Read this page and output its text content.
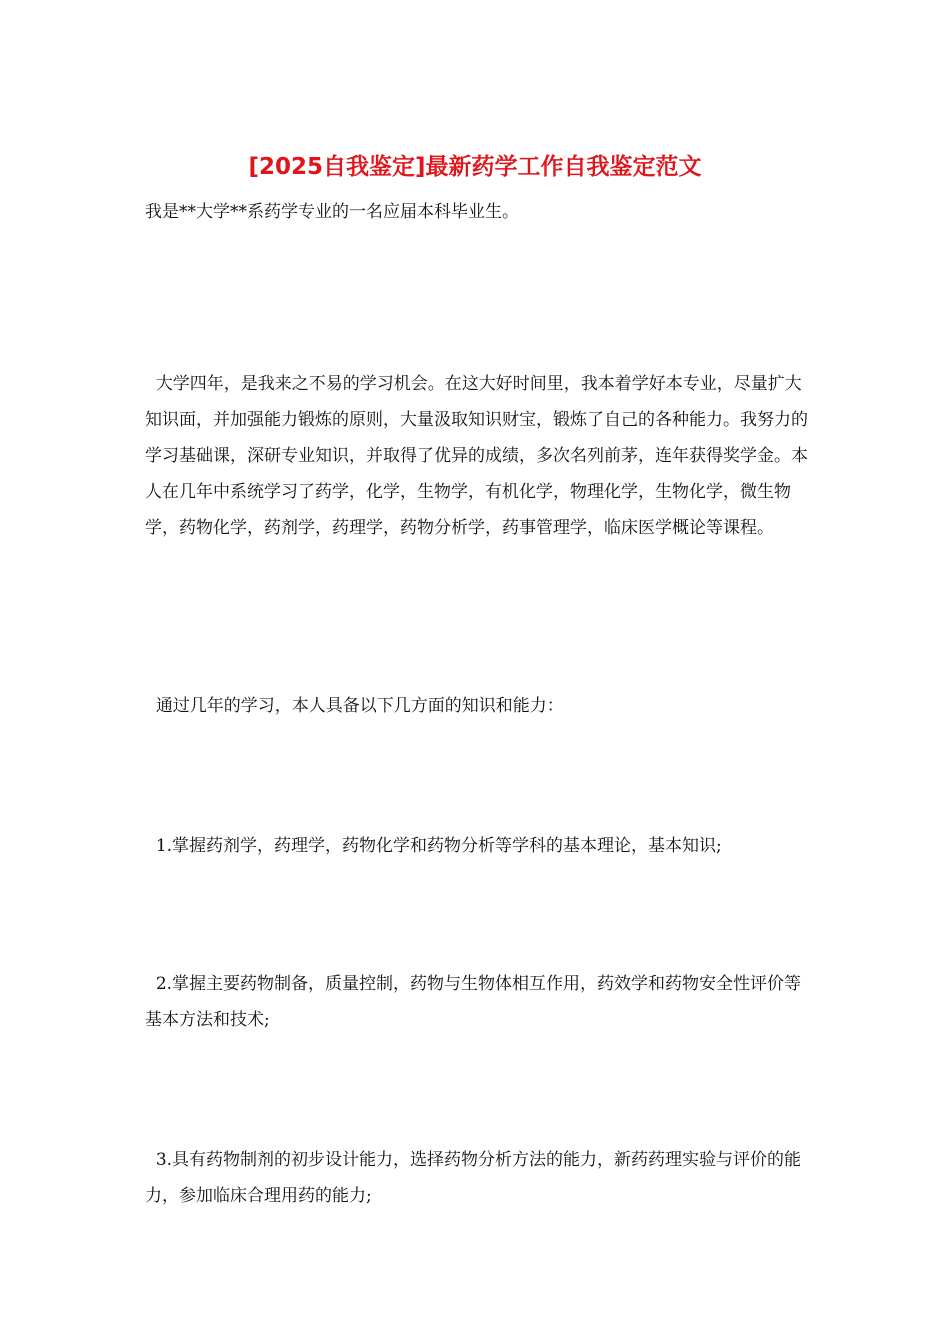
[2025自我鉴定]最新药学工作自我鉴定范文

我是**大学**系药学专业的一名应届本科毕业生。

大学四年，是我来之不易的学习机会。在这大好时间里，我本着学好本专业，尽量扩大知识面，并加强能力锻炼的原则，大量汲取知识财宝，锻炼了自己的各种能力。我努力的学习基础课，深研专业知识，并取得了优异的成绩，多次名列前茅，连年获得奖学金。本人在几年中系统学习了药学，化学，生物学，有机化学，物理化学，生物化学，微生物学，药物化学，药剂学，药理学，药物分析学，药事管理学，临床医学概论等课程。

通过几年的学习，本人具备以下几方面的知识和能力：

1.掌握药剂学，药理学，药物化学和药物分析等学科的基本理论，基本知识;

2.掌握主要药物制备，质量控制，药物与生物体相互作用，药效学和药物安全性评价等基本方法和技术;

3.具有药物制剂的初步设计能力，选择药物分析方法的能力，新药药理实验与评价的能力，参加临床合理用药的能力;
